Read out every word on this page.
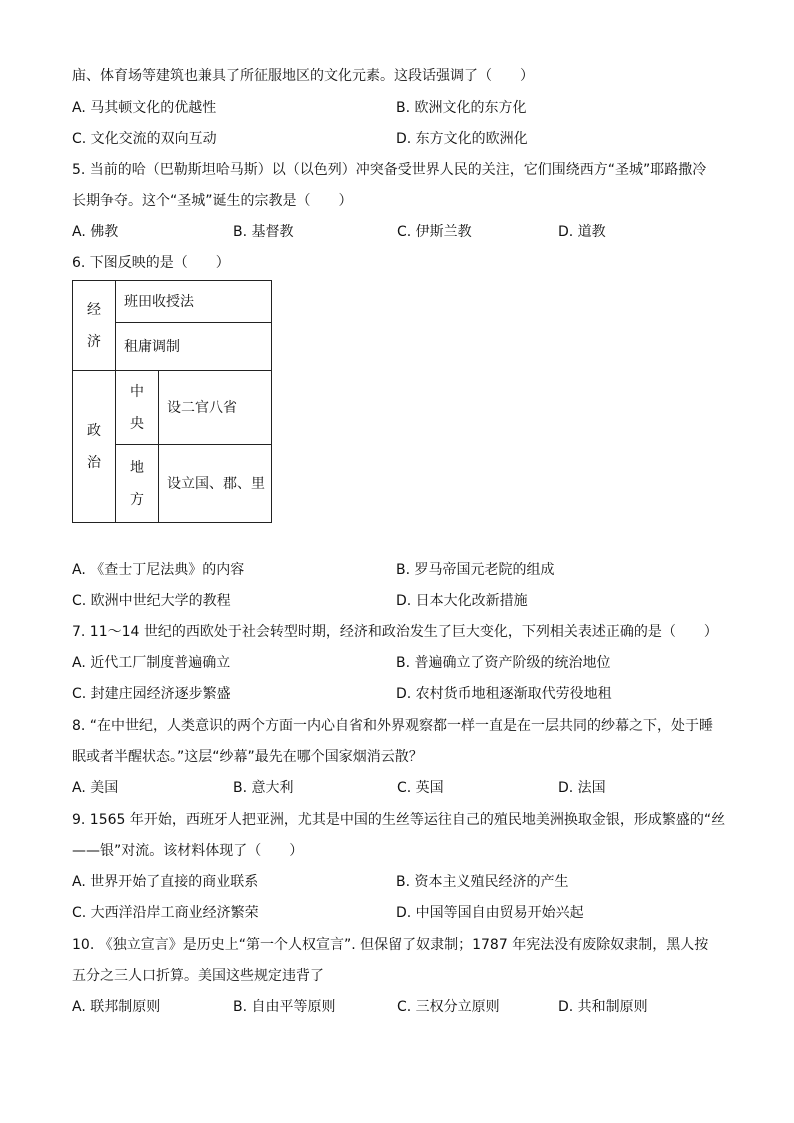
庙、体育场等建筑也兼具了所征服地区的文化元素。这段话强调了（　　）
A. 马其顿文化的优越性	B. 欧洲文化的东方化
C. 文化交流的双向互动	D. 东方文化的欧洲化
5. 当前的哈（巴勒斯坦哈马斯）以（以色列）冲突备受世界人民的关注，它们围绕西方“圣城”耶路撒冷
长期争夺。这个“圣城”诞生的宗教是（　　）
A. 佛教	B. 基督教	C. 伊斯兰教	D. 道教
6. 下图反映的是（　　）
经济	班田收授法	
	租庸调制	
政治	中央	设二官八省
	地方	设立国、郡、里
A. 《查士丁尼法典》的内容	B. 罗马帝国元老院的组成
C. 欧洲中世纪大学的教程	D. 日本大化改新措施
7. 11～14 世纪的西欧处于社会转型时期，经济和政治发生了巨大变化，下列相关表述正确的是（　　）
A. 近代工厂制度普遍确立	B. 普遍确立了资产阶级的统治地位
C. 封建庄园经济逐步繁盛	D. 农村货币地租逐渐取代劳役地租
8. “在中世纪，人类意识的两个方面一内心自省和外界观察都一样一直是在一层共同的纱幕之下，处于睡
眠或者半醒状态。”这层“纱幕”最先在哪个国家烟消云散？
A. 美国	B. 意大利	C. 英国	D. 法国
9. 1565 年开始，西班牙人把亚洲，尤其是中国的生丝等运往自己的殖民地美洲换取金银，形成繁盛的“丝
——银”对流。该材料体现了（　　）
A. 世界开始了直接的商业联系	B. 资本主义殖民经济的产生
C. 大西洋沿岸工商业经济繁荣	D. 中国等国自由贸易开始兴起
10. 《独立宣言》是历史上“第一个人权宣言”. 但保留了奴隶制；1787 年宪法没有废除奴隶制，黑人按
五分之三人口折算。美国这些规定违背了
A. 联邦制原则	B. 自由平等原则	C. 三权分立原则	D. 共和制原则
